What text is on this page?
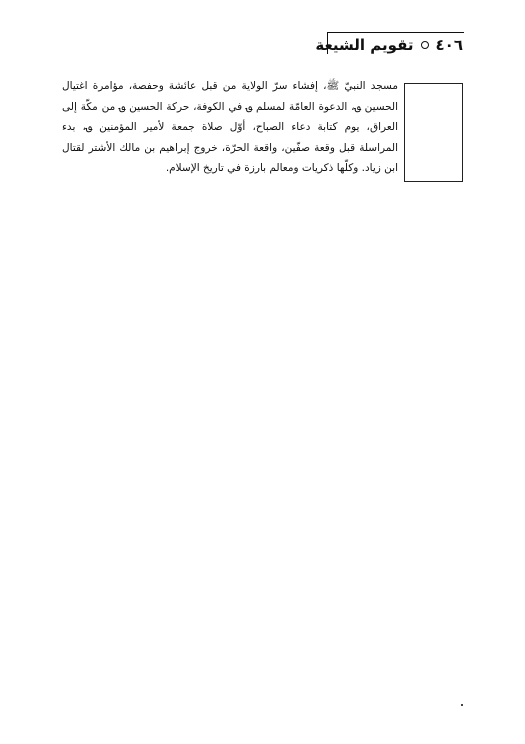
٤٠٦
تقويم الشيعة

مسجد النبيّ ﷺ، إفشاء سرّ الولاية من قبل عائشة وحفصة، مؤامرة اغتيال الحسين ؈، الدعوة العامّة لمسلم ؈ في الكوفة، حركة الحسين ؈ من مكّة إلى العراق، يوم كتابة دعاء الصباح، أوّل صلاة جمعة لأمير المؤمنين ؈، بدء المراسلة قبل وقعة صفّين، واقعة الحرّة، خروج إبراهيم بن مالك الأشتر لقتال ابن زياد. وكلّها ذكريات ومعالم بارزة في تاريخ الإسلام.
